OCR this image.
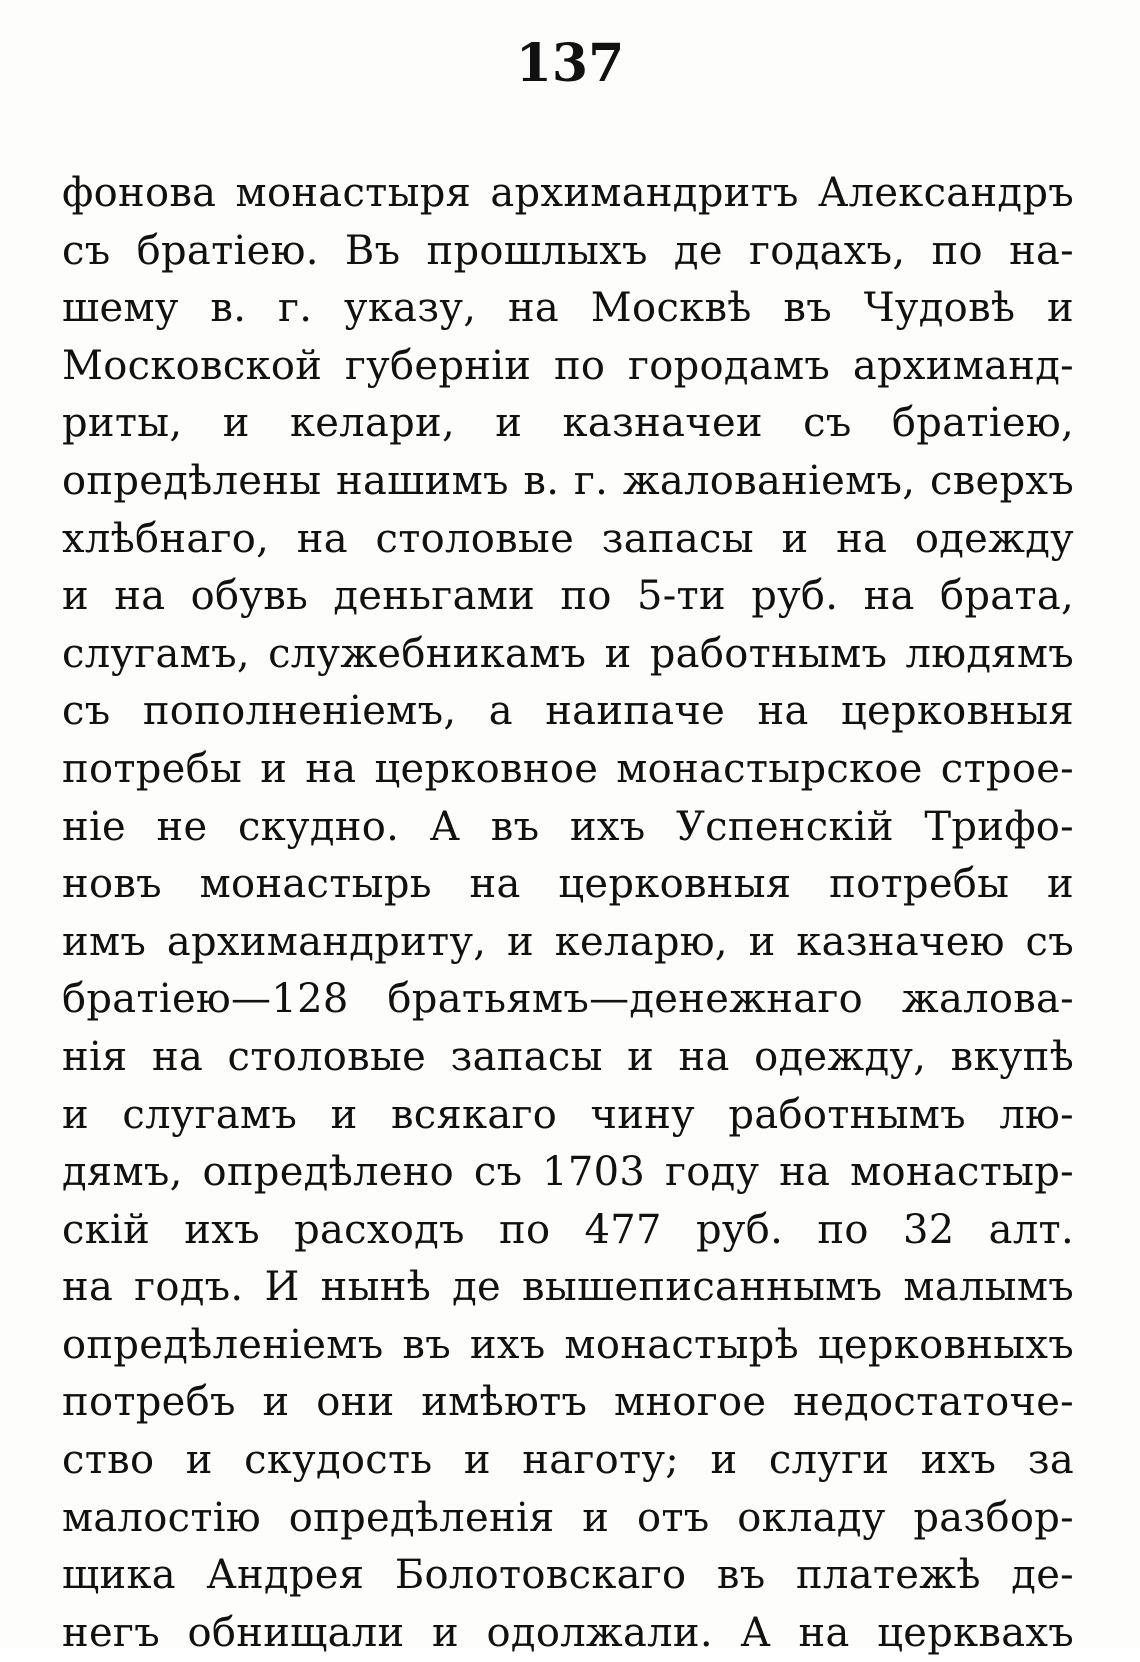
137
фонова монастыря архимандритъ Александръ
съ братіею. Въ прошлыхъ де годахъ, по на-
шему в. г. указу, на Москвѣ въ Чудовѣ и
Московской губерніи по городамъ архиманд-
риты, и келари, и казначеи съ братіею,
опредѣлены нашимъ в. г. жалованіемъ, сверхъ
хлѣбнаго, на столовые запасы и на одежду
и на обувь деньгами по 5-ти руб. на брата,
слугамъ, служебникамъ и работнымъ людямъ
съ пополненіемъ, а наипаче на церковныя
потребы и на церковное монастырское строе-
ніе не скудно. А въ ихъ Успенскій Трифо-
новъ монастырь на церковныя потребы и
имъ архимандриту, и келарю, и казначею съ
братіею—128 братьямъ—денежнаго жалова-
нія на столовые запасы и на одежду, вкупѣ
и слугамъ и всякаго чину работнымъ лю-
дямъ, опредѣлено съ 1703 году на монастыр-
скій ихъ расходъ по 477 руб. по 32 алт.
на годъ. И нынѣ де вышеписаннымъ малымъ
опредѣленіемъ въ ихъ монастырѣ церковныхъ
потребъ и они имѣютъ многое недостаточе-
ство и скудость и наготу; и слуги ихъ за
малостію опредѣленія и отъ окладу разбор-
щика Андрея Болотовскаго въ платежѣ де-
негъ обнищали и одолжали. А на церквахъ
